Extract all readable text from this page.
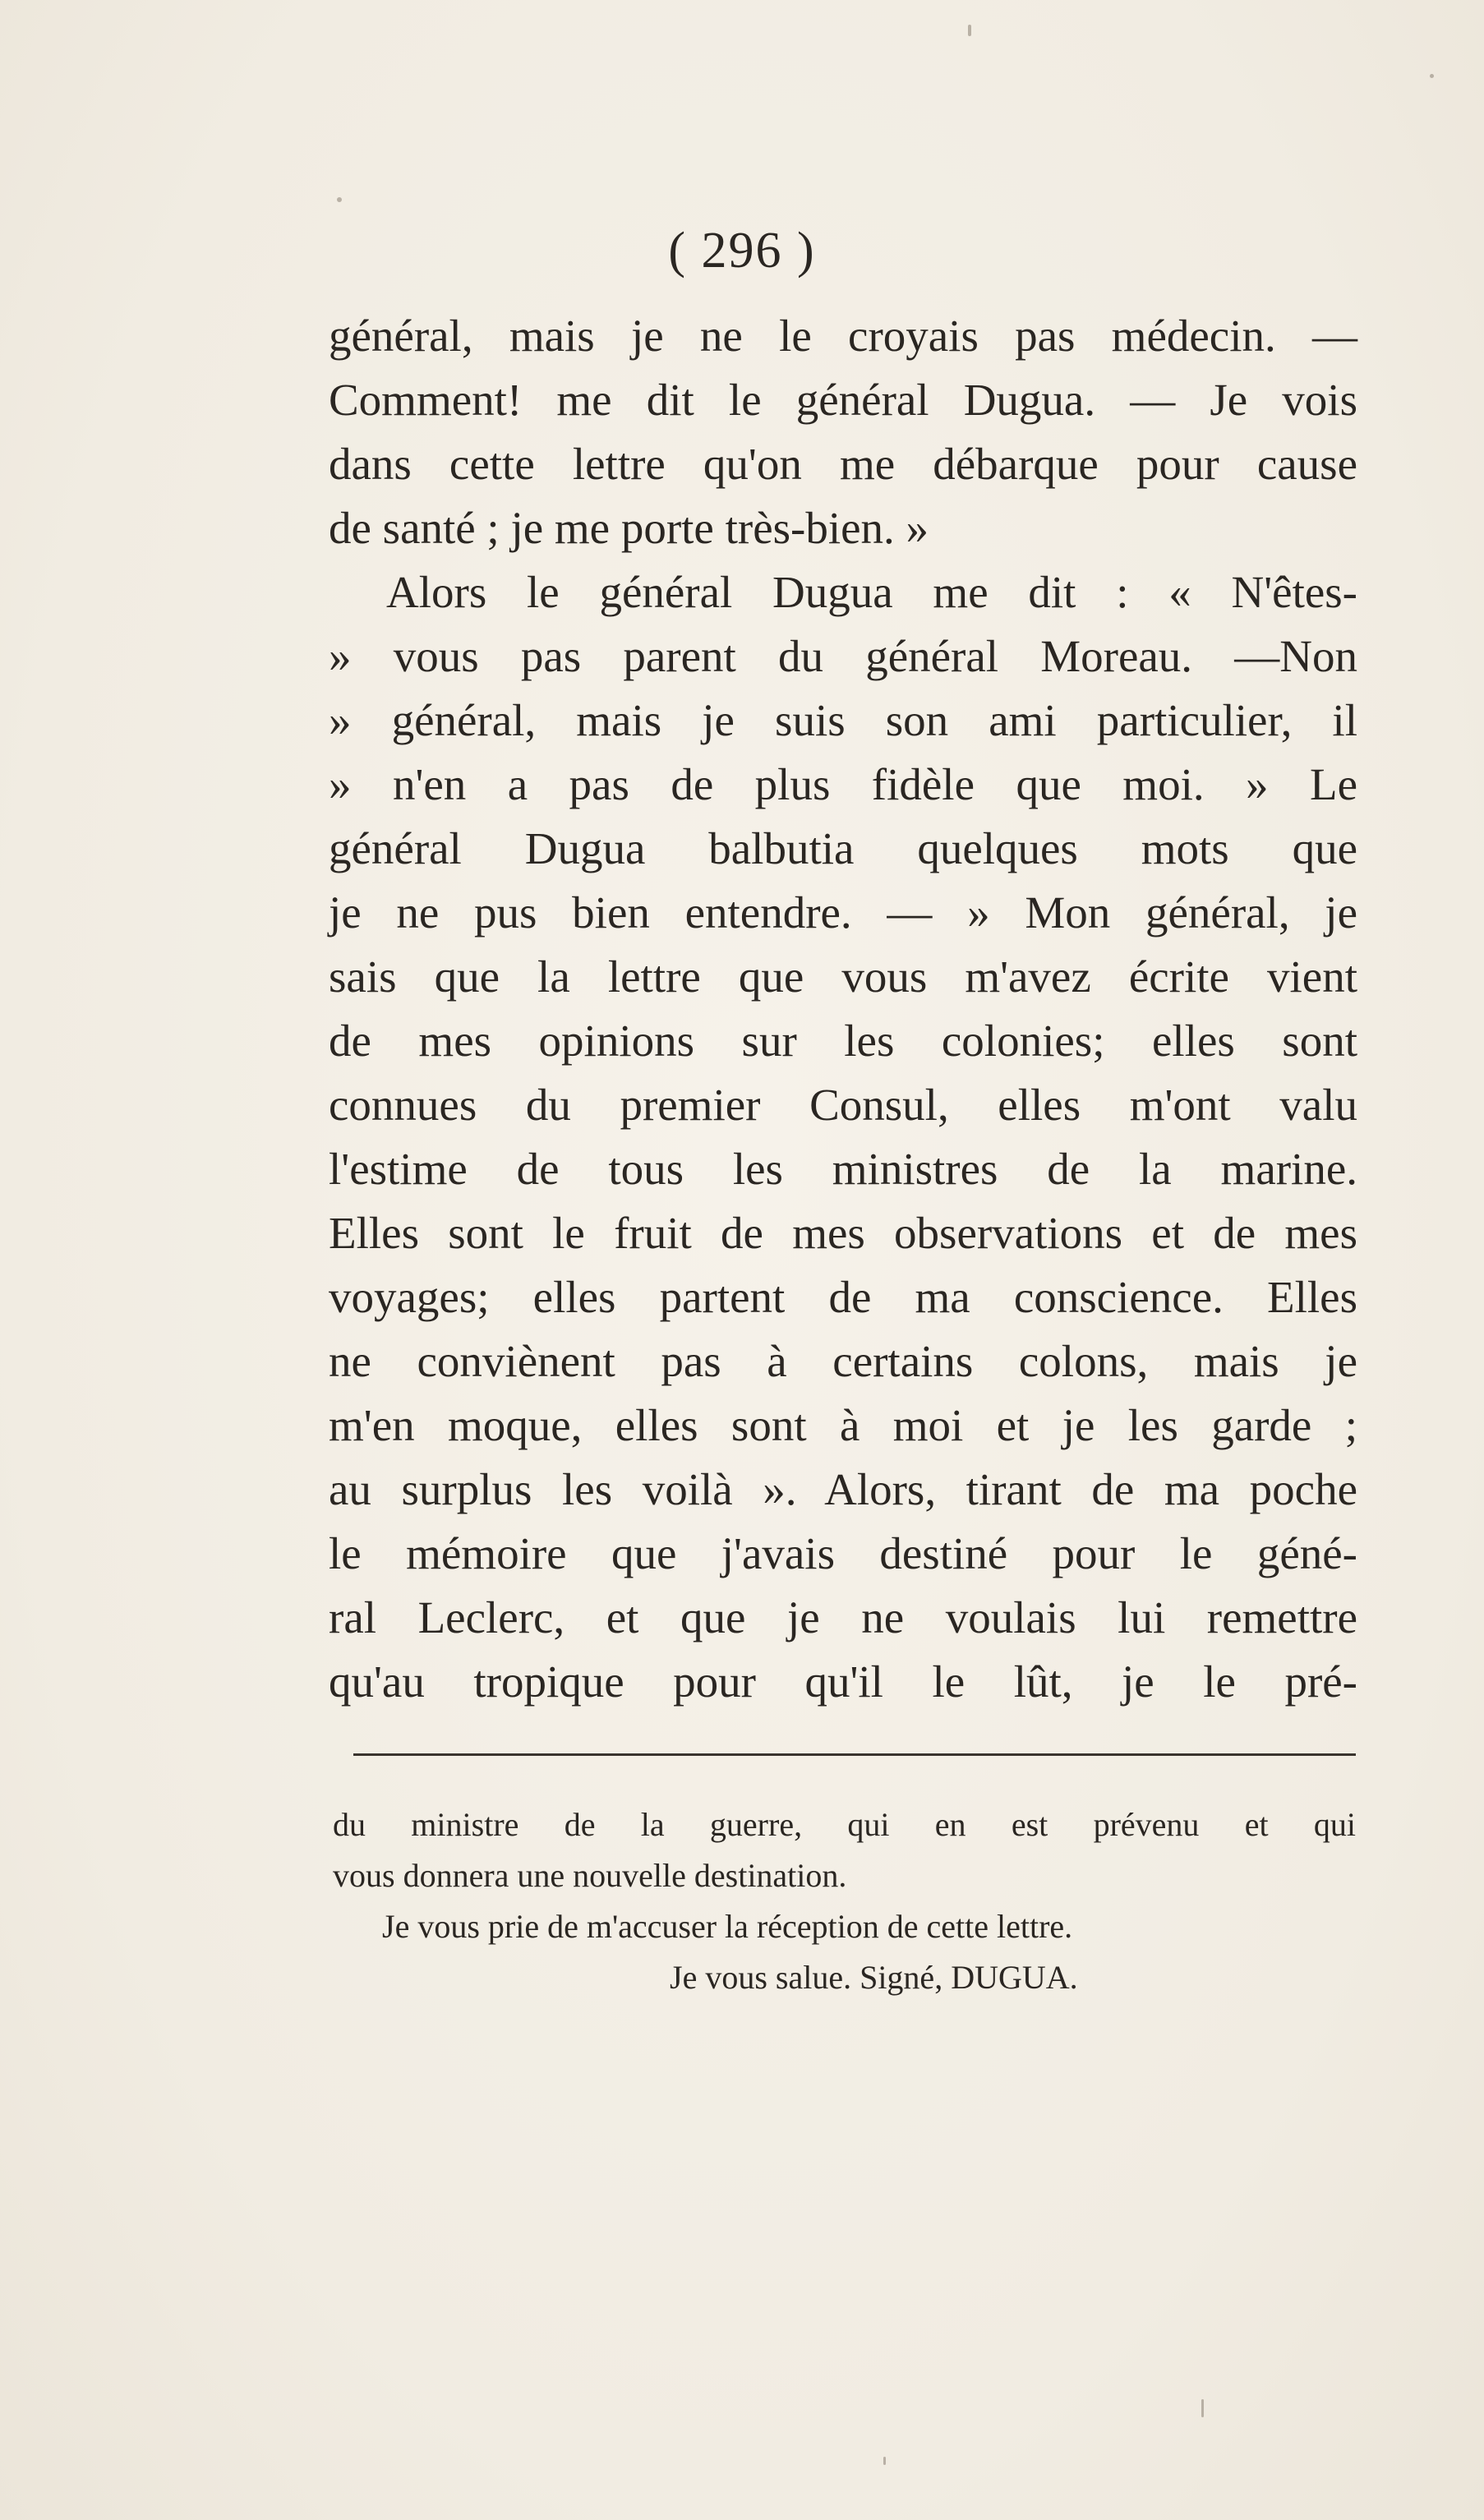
( 296 )
général, mais je ne le croyais pas médecin. —
Comment! me dit le général Dugua. — Je vois
dans cette lettre qu'on me débarque pour cause
de santé ; je me porte très-bien. »
Alors le général Dugua me dit : « N'êtes-
» vous pas parent du général Moreau. —Non
» général, mais je suis son ami particulier, il
» n'en a pas de plus fidèle que moi. » Le
général Dugua balbutia quelques mots que
je ne pus bien entendre. — » Mon général, je
sais que la lettre que vous m'avez écrite vient
de mes opinions sur les colonies; elles sont
connues du premier Consul, elles m'ont valu
l'estime de tous les ministres de la marine.
Elles sont le fruit de mes observations et de mes
voyages; elles partent de ma conscience. Elles
ne conviènent pas à certains colons, mais je
m'en moque, elles sont à moi et je les garde ;
au surplus les voilà ». Alors, tirant de ma poche
le mémoire que j'avais destiné pour le géné-
ral Leclerc, et que je ne voulais lui remettre
qu'au tropique pour qu'il le lût, je le pré-
du ministre de la guerre, qui en est prévenu et qui
vous donnera une nouvelle destination.
Je vous prie de m'accuser la réception de cette lettre.
Je vous salue. Signé, DUGUA.
